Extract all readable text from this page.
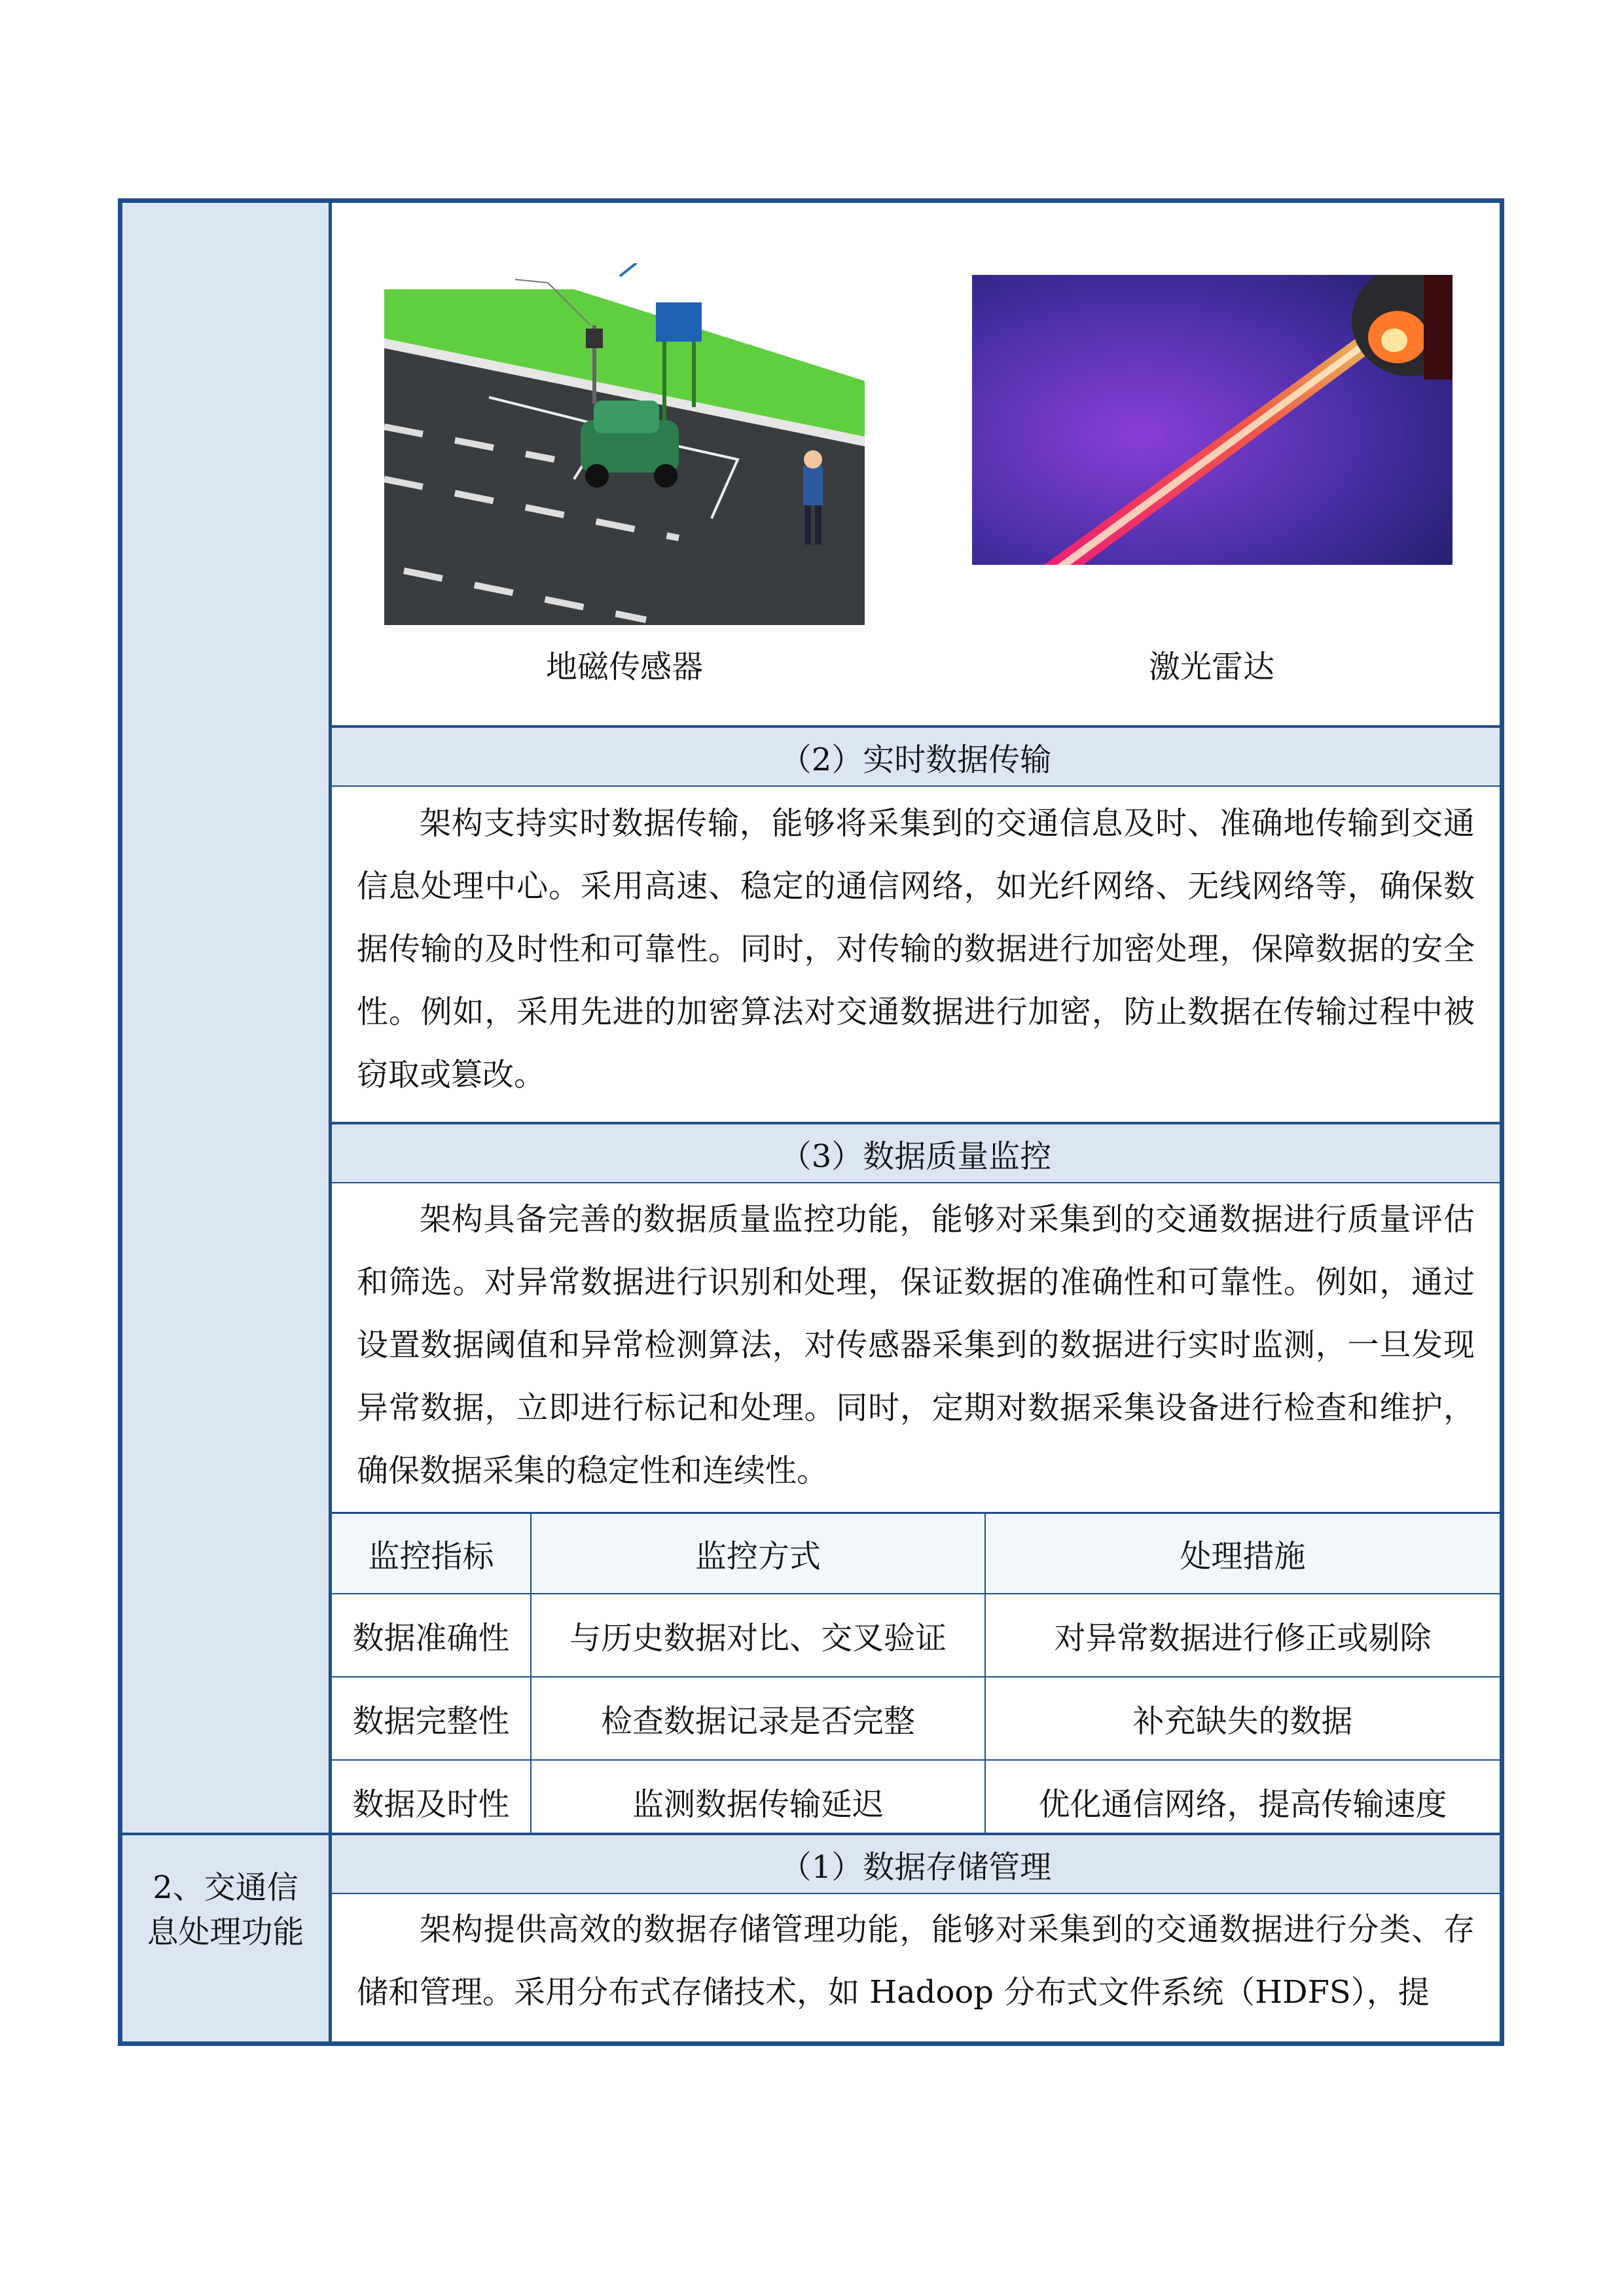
2、交通信息处理功能
地磁传感器	激光雷达
（2）实时数据传输

架构支持实时数据传输，能够将采集到的交通信息及时、准确地传输到交通信息处理中心。采用高速、稳定的通信网络，如光纤网络、无线网络等，确保数据传输的及时性和可靠性。同时，对传输的数据进行加密处理，保障数据的安全性。例如，采用先进的加密算法对交通数据进行加密，防止数据在传输过程中被窃取或篡改。

（3）数据质量监控

架构具备完善的数据质量监控功能，能够对采集到的交通数据进行质量评估和筛选。对异常数据进行识别和处理，保证数据的准确性和可靠性。例如，通过设置数据阈值和异常检测算法，对传感器采集到的数据进行实时监测，一旦发现异常数据，立即进行标记和处理。同时，定期对数据采集设备进行检查和维护，确保数据采集的稳定性和连续性。

监控指标	监控方式	处理措施
数据准确性	与历史数据对比、交叉验证	对异常数据进行修正或剔除
数据完整性	检查数据记录是否完整	补充缺失的数据
数据及时性	监测数据传输延迟	优化通信网络，提高传输速度
（1）数据存储管理

架构提供高效的数据存储管理功能，能够对采集到的交通数据进行分类、存储和管理。采用分布式存储技术，如 Hadoop 分布式文件系统（HDFS），提
